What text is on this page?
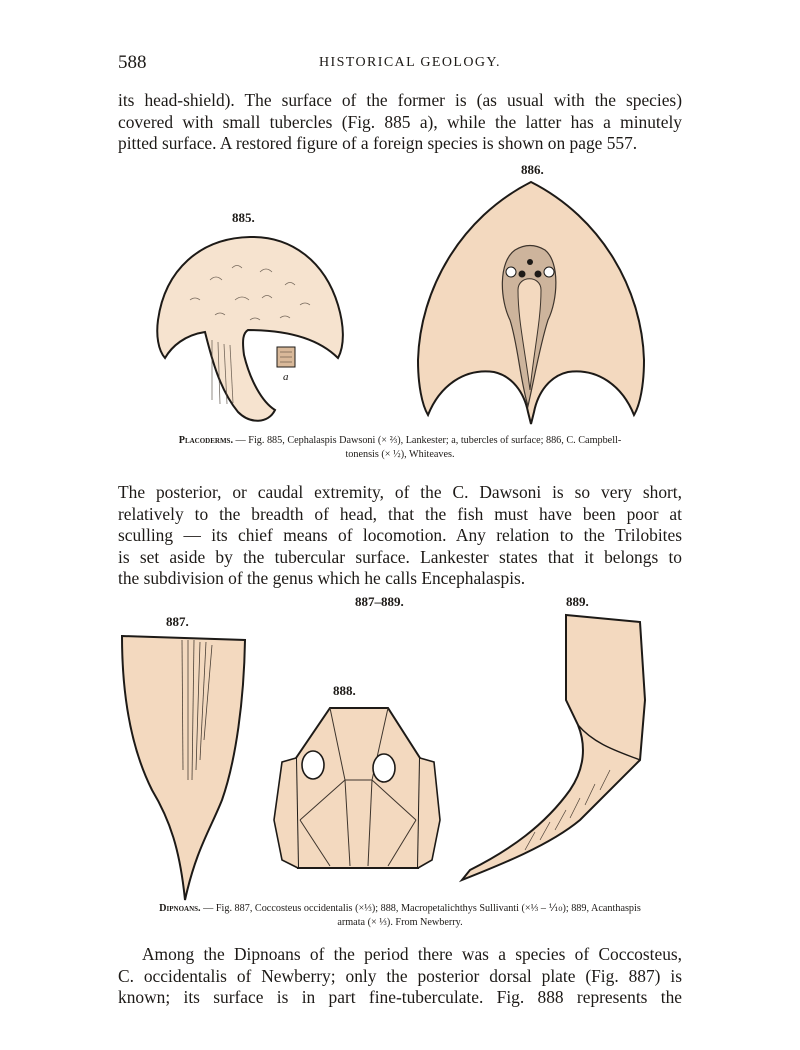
588	HISTORICAL GEOLOGY.
its head-shield). The surface of the former is (as usual with the species)
covered with small tubercles (Fig. 885 a), while the latter has a minutely
pitted surface. A restored figure of a foreign species is shown on page 557.
885.
886.
a
Placoderms. — Fig. 885, Cephalaspis Dawsoni (× ⅔), Lankester; a, tubercles of surface; 886, C. Campbell-
tonensis (× ½), Whiteaves.
The posterior, or caudal extremity, of the C. Dawsoni is so very short,
relatively to the breadth of head, that the fish must have been poor at
sculling — its chief means of locomotion. Any relation to the Trilobites
is set aside by the tubercular surface. Lankester states that it belongs to
the subdivision of the genus which he calls Encephalaspis.
887–889.
887.
888.
889.
Dipnoans. — Fig. 887, Coccosteus occidentalis (×⅓); 888, Macropetalichthys Sullivanti (×⅓ – ⅒); 889, Acanthaspis
armata (× ⅓). From Newberry.
Among the Dipnoans of the period there was a species of Coccosteus,
C. occidentalis of Newberry; only the posterior dorsal plate (Fig. 887) is
known; its surface is in part fine-tuberculate. Fig. 888 represents the
